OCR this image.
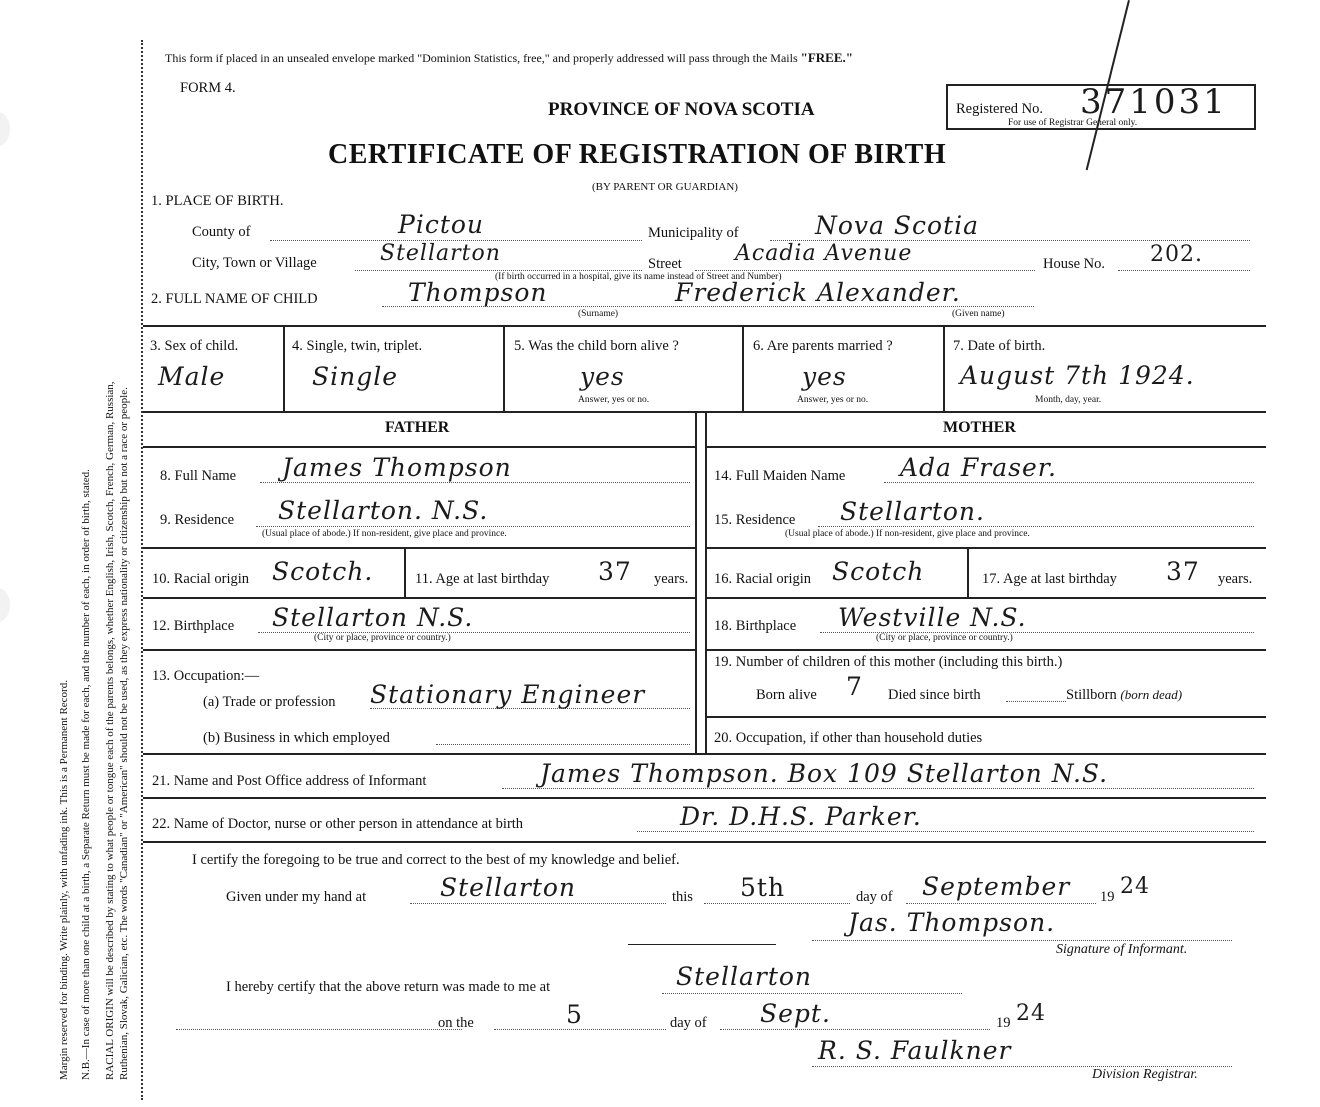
Margin reserved for binding. Write plainly, with unfading ink. This is a Permanent Record. N.B.—In case of more than one child at a birth, a Separate Return must be made for each, and the number of each, in order of birth, stated. RACIAL ORIGIN will be described by stating to what people or tongue each of the parents belongs, whether English, Irish, Scotch, French, German, Russian, Ruthenian, Slovak, Galician, etc. The words "Canadian" or "American" should not be used, as they express nationality or citizenship but not a race or people.
This form if placed in an unsealed envelope marked "Dominion Statistics, free," and properly addressed will pass through the Mails "FREE."
FORM 4.
PROVINCE OF NOVA SCOTIA
CERTIFICATE OF REGISTRATION OF BIRTH
(BY PARENT OR GUARDIAN)
Registered No. 371031
For use of Registrar General only.
1. PLACE OF BIRTH.
County of	Pictou	Municipality of	Nova Scotia
City, Town or Village	Stellarton	Street Acadia Avenue	House No. 202.
(If birth occurred in a hospital, give its name instead of Street and Number)
2. FULL NAME OF CHILD	Thompson
(Surname)
Frederick Alexander.
(Given name)
3. Sex of child.
Male
4. Single, twin, triplet.
Single
5. Was the child born alive ?
yes
Answer, yes or no.
6. Are parents married ?
yes
Answer, yes or no.
7. Date of birth.
August 7th 1924.
Month, day, year.
FATHER	MOTHER
8. Full Name James Thompson
9. Residence Stellarton. N.S.
(Usual place of abode.) If non-resident, give place and province.
10. Racial origin Scotch.	11. Age at last birthday 37 years.
12. Birthplace Stellarton N.S.
(City or place, province or country.)
13. Occupation:—
(a) Trade or profession Stationary Engineer
(b) Business in which employed
14. Full Maiden Name Ada Fraser.
15. Residence Stellarton.
(Usual place of abode.) If non-resident, give place and province.
16. Racial origin Scotch	17. Age at last birthday 37 years.
18. Birthplace Westville N.S.
(City or place, province or country.)
19. Number of children of this mother (including this birth.)
Born alive 7 Died since birth	Stillborn (born dead)
20. Occupation, if other than household duties
21. Name and Post Office address of Informant	James Thompson. Box 109 Stellarton N.S.
22. Name of Doctor, nurse or other person in attendance at birth	Dr. D.H.S. Parker.
I certify the foregoing to be true and correct to the best of my knowledge and belief.
Given under my hand at	Stellarton	this 5th	day of September 19 24
Jas. Thompson.
Signature of Informant.
I hereby certify that the above return was made to me at	Stellarton
on the	5	day of Sept.	19 24
R. S. Faulkner
Division Registrar.
